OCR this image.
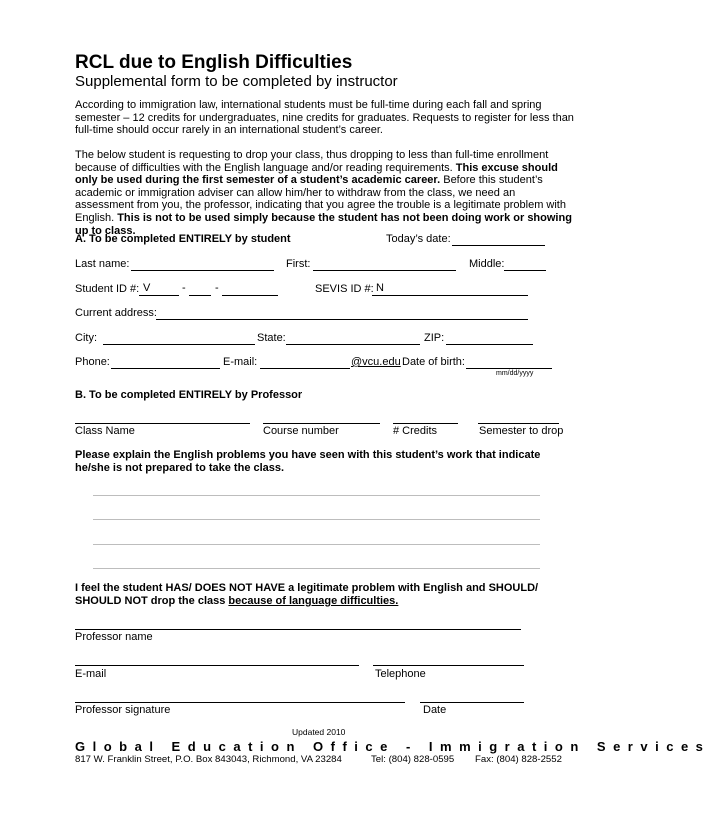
RCL due to English Difficulties
Supplemental form to be completed by instructor
According to immigration law, international students must be full-time during each fall and spring semester – 12 credits for undergraduates, nine credits for graduates. Requests to register for less than full-time should occur rarely in an international student’s career.
The below student is requesting to drop your class, thus dropping to less than full-time enrollment because of difficulties with the English language and/or reading requirements. This excuse should only be used during the first semester of a student’s academic career. Before this student’s academic or immigration adviser can allow him/her to withdraw from the class, we need an assessment from you, the professor, indicating that you agree the trouble is a legitimate problem with English. This is not to be used simply because the student has not been doing work or showing up to class.
A. To be completed ENTIRELY by student	Today’s date:
Last name:	First:	Middle:
Student ID #: V	-	-	SEVIS ID #: N
Current address:
City:	State:	ZIP:
Phone:	E-mail:	@vcu.edu Date of birth:
mm/dd/yyyy
B. To be completed ENTIRELY by Professor
Class Name	Course number	# Credits	Semester to drop
Please explain the English problems you have seen with this student’s work that indicate he/she is not prepared to take the class.
I feel the student HAS/ DOES NOT HAVE a legitimate problem with English and SHOULD/ SHOULD NOT drop the class because of language difficulties.
Professor name
E-mail	Telephone
Professor signature	Date
Updated 2010
Global Education Office - Immigration Services
817 W. Franklin Street, P.O. Box 843043, Richmond, VA 23284	Tel: (804) 828-0595 Fax: (804) 828-2552
